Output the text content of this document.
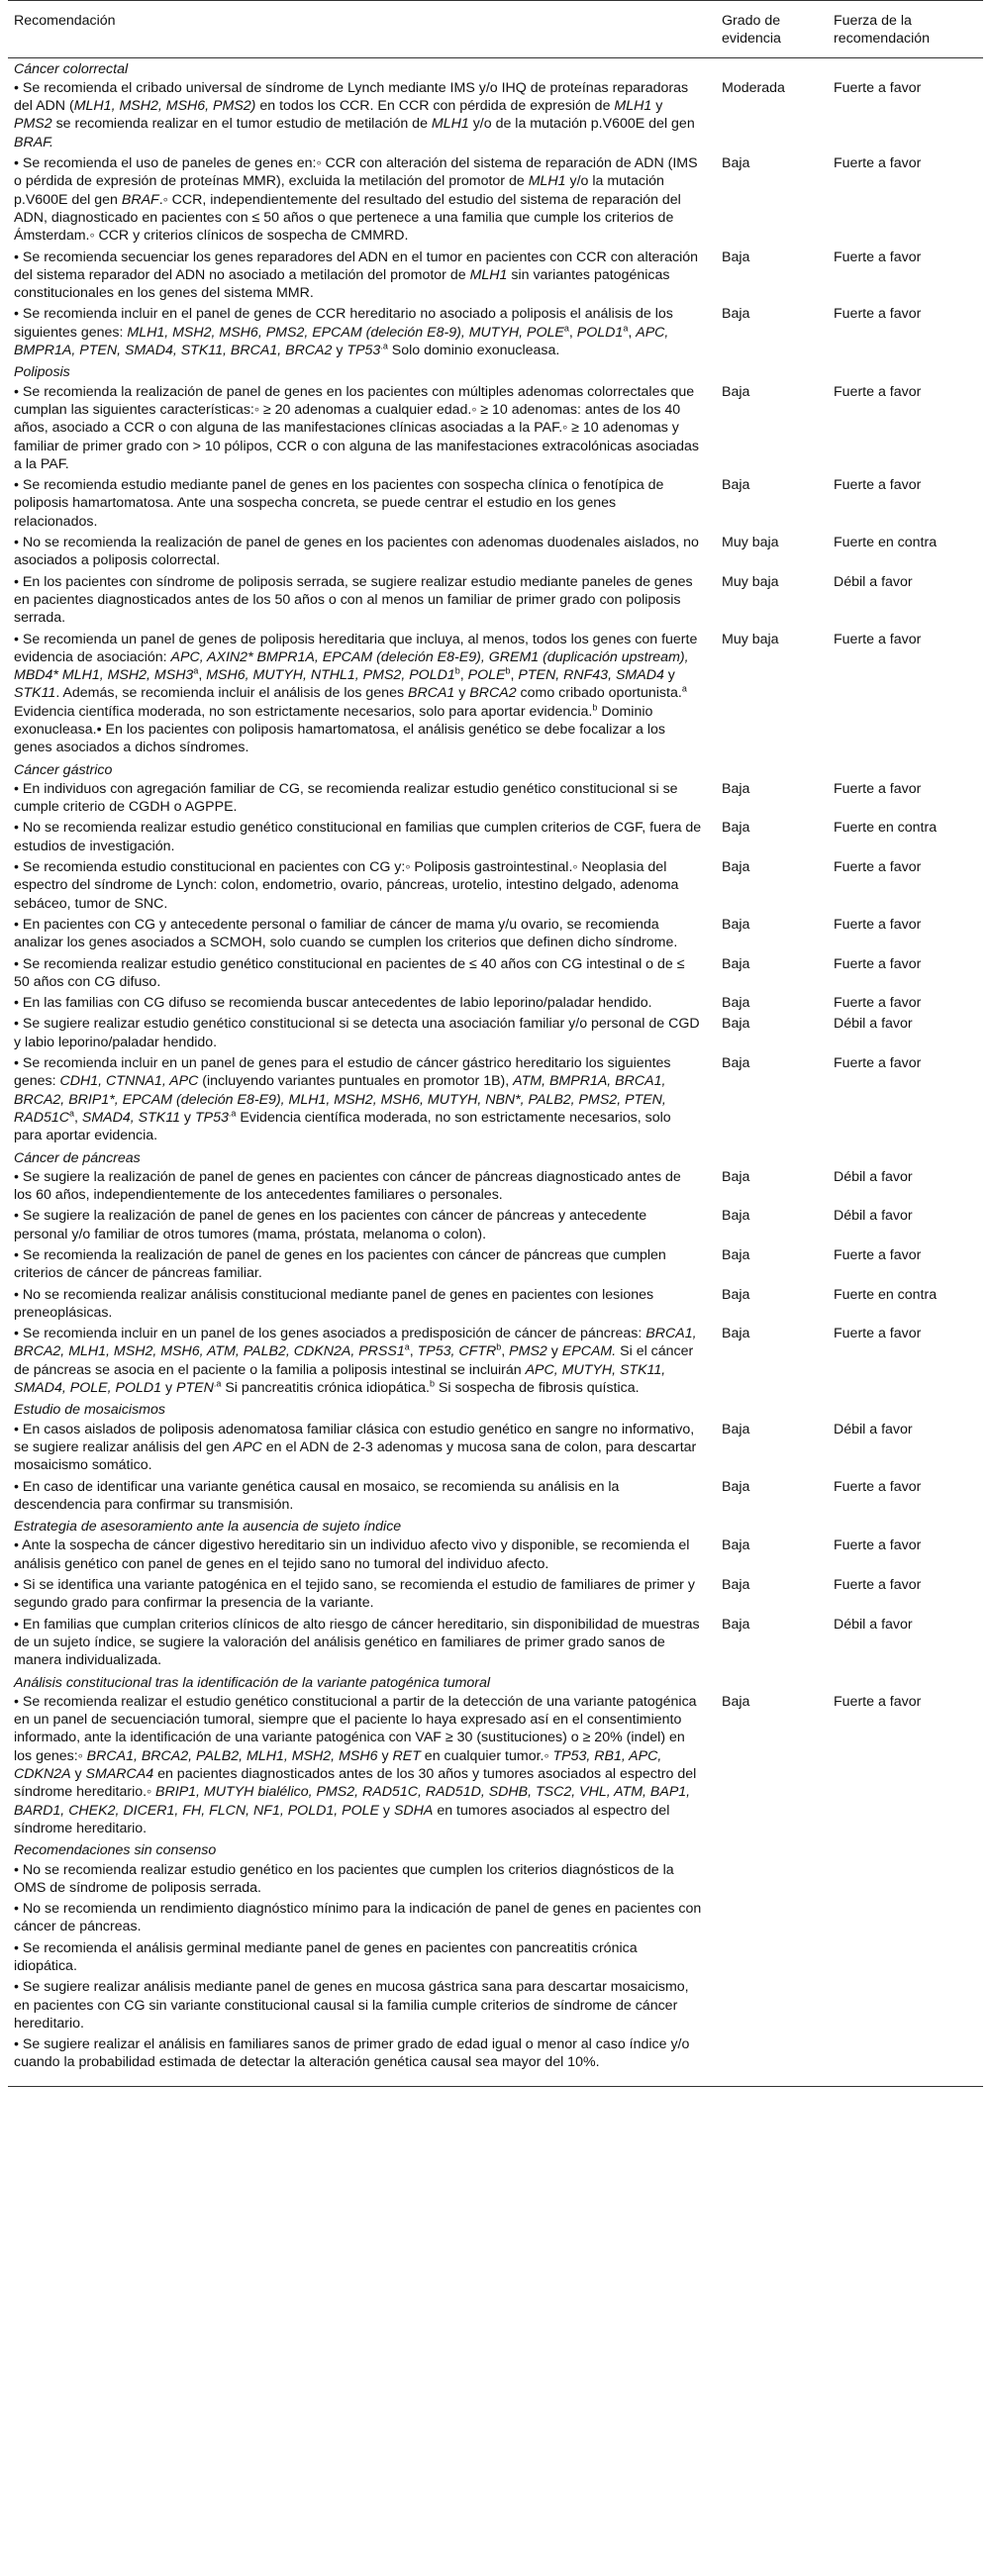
Recomendación	Grado de evidencia	Fuerza de la recomendación
Cáncer colorrectal		
• Se recomienda el cribado universal de síndrome de Lynch mediante IMS y/o IHQ de proteínas reparadoras del ADN (MLH1, MSH2, MSH6, PMS2) en todos los CCR. En CCR con pérdida de expresión de MLH1 y PMS2 se recomienda realizar en el tumor estudio de metilación de MLH1 y/o de la mutación p.V600E del gen BRAF.	Moderada	Fuerte a favor
• Se recomienda el uso de paneles de genes en:◦ CCR con alteración del sistema de reparación de ADN (IMS o pérdida de expresión de proteínas MMR), excluida la metilación del promotor de MLH1 y/o la mutación p.V600E del gen BRAF.◦ CCR, independientemente del resultado del estudio del sistema de reparación del ADN, diagnosticado en pacientes con ≤ 50 años o que pertenece a una familia que cumple los criterios de Ámsterdam.◦ CCR y criterios clínicos de sospecha de CMMRD.	Baja	Fuerte a favor
• Se recomienda secuenciar los genes reparadores del ADN en el tumor en pacientes con CCR con alteración del sistema reparador del ADN no asociado a metilación del promotor de MLH1 sin variantes patogénicas constitucionales en los genes del sistema MMR.	Baja	Fuerte a favor
• Se recomienda incluir en el panel de genes de CCR hereditario no asociado a poliposis el análisis de los siguientes genes: MLH1, MSH2, MSH6, PMS2, EPCAM (deleción E8-9), MUTYH, POLE$^a$, POLD1$^a$, APC, BMPR1A, PTEN, SMAD4, STK11, BRCA1, BRCA2 y $TP53^{.a}$ Solo dominio exonucleasa.	Baja	Fuerte a favor
Poliposis		
• Se recomienda la realización de panel de genes en los pacientes con múltiples adenomas colorrectales que cumplan las siguientes características:◦ ≥ 20 adenomas a cualquier edad.◦ ≥ 10 adenomas: antes de los 40 años, asociado a CCR o con alguna de las manifestaciones clínicas asociadas a la PAF.◦ ≥ 10 adenomas y familiar de primer grado con > 10 pólipos, CCR o con alguna de las manifestaciones extracolónicas asociadas a la PAF.	Baja	Fuerte a favor
• Se recomienda estudio mediante panel de genes en los pacientes con sospecha clínica o fenotípica de poliposis hamartomatosa. Ante una sospecha concreta, se puede centrar el estudio en los genes relacionados.	Baja	Fuerte a favor
• No se recomienda la realización de panel de genes en los pacientes con adenomas duodenales aislados, no asociados a poliposis colorrectal.	Muy baja	Fuerte en contra
• En los pacientes con síndrome de poliposis serrada, se sugiere realizar estudio mediante paneles de genes en pacientes diagnosticados antes de los 50 años o con al menos un familiar de primer grado con poliposis serrada.	Muy baja	Débil a favor
• Se recomienda un panel de genes de poliposis hereditaria que incluya, al menos, todos los genes con fuerte evidencia de asociación: APC, AXIN2* BMPR1A, EPCAM (deleción E8-E9), GREM1 (duplicación upstream), MBD4* MLH1, MSH2, MSH3$^a$, MSH6, MUTYH, NTHL1, PMS2, POLD1$^b$, POLE$^b$, PTEN, RNF43, SMAD4 y STK11. Además, se recomienda incluir el análisis de los genes BRCA1 y BRCA2 como cribado oportunista.$^a$ Evidencia científica moderada, no son estrictamente necesarios, solo para aportar evidencia.$^b$ Dominio exonucleasa.• En los pacientes con poliposis hamartomatosa, el análisis genético se debe focalizar a los genes asociados a dichos síndromes.	Muy baja	Fuerte a favor
Cáncer gástrico		
• En individuos con agregación familiar de CG, se recomienda realizar estudio genético constitucional si se cumple criterio de CGDH o AGPPE.	Baja	Fuerte a favor
• No se recomienda realizar estudio genético constitucional en familias que cumplen criterios de CGF, fuera de estudios de investigación.	Baja	Fuerte en contra
• Se recomienda estudio constitucional en pacientes con CG y:◦ Poliposis gastrointestinal.◦ Neoplasia del espectro del síndrome de Lynch: colon, endometrio, ovario, páncreas, urotelio, intestino delgado, adenoma sebáceo, tumor de SNC.	Baja	Fuerte a favor
• En pacientes con CG y antecedente personal o familiar de cáncer de mama y/u ovario, se recomienda analizar los genes asociados a SCMOH, solo cuando se cumplen los criterios que definen dicho síndrome.	Baja	Fuerte a favor
• Se recomienda realizar estudio genético constitucional en pacientes de ≤ 40 años con CG intestinal o de ≤ 50 años con CG difuso.	Baja	Fuerte a favor
• En las familias con CG difuso se recomienda buscar antecedentes de labio leporino/paladar hendido.	Baja	Fuerte a favor
• Se sugiere realizar estudio genético constitucional si se detecta una asociación familiar y/o personal de CGD y labio leporino/paladar hendido.	Baja	Débil a favor
• Se recomienda incluir en un panel de genes para el estudio de cáncer gástrico hereditario los siguientes genes: CDH1, CTNNA1, APC (incluyendo variantes puntuales en promotor 1B), ATM, BMPR1A, BRCA1, BRCA2, BRIP1*, EPCAM (deleción E8-E9), MLH1, MSH2, MSH6, MUTYH, NBN*, PALB2, PMS2, PTEN, $RAD51C^a$, SMAD4, STK11 y $TP53^{.a}$ Evidencia científica moderada, no son estrictamente necesarios, solo para aportar evidencia.	Baja	Fuerte a favor
Cáncer de páncreas		
• Se sugiere la realización de panel de genes en pacientes con cáncer de páncreas diagnosticado antes de los 60 años, independientemente de los antecedentes familiares o personales.	Baja	Débil a favor
• Se sugiere la realización de panel de genes en los pacientes con cáncer de páncreas y antecedente personal y/o familiar de otros tumores (mama, próstata, melanoma o colon).	Baja	Débil a favor
• Se recomienda la realización de panel de genes en los pacientes con cáncer de páncreas que cumplen criterios de cáncer de páncreas familiar.	Baja	Fuerte a favor
• No se recomienda realizar análisis constitucional mediante panel de genes en pacientes con lesiones preneoplásicas.	Baja	Fuerte en contra
• Se recomienda incluir en un panel de los genes asociados a predisposición de cáncer de páncreas: BRCA1, BRCA2, MLH1, MSH2, MSH6, ATM, PALB2, CDKN2A, PRSS1$^a$, TP53, CFTR$^b$, PMS2 y EPCAM. Si el cáncer de páncreas se asocia en el paciente o la familia a poliposis intestinal se incluirán APC, MUTYH, STK11, SMAD4, POLE, POLD1 y $PTEN^{.a}$ Si pancreatitis crónica idiopática.$^b$ Si sospecha de fibrosis quística.	Baja	Fuerte a favor
Estudio de mosaicismos		
• En casos aislados de poliposis adenomatosa familiar clásica con estudio genético en sangre no informativo, se sugiere realizar análisis del gen APC en el ADN de 2-3 adenomas y mucosa sana de colon, para descartar mosaicismo somático.	Baja	Débil a favor
• En caso de identificar una variante genética causal en mosaico, se recomienda su análisis en la descendencia para confirmar su transmisión.	Baja	Fuerte a favor
Estrategia de asesoramiento ante la ausencia de sujeto índice		
• Ante la sospecha de cáncer digestivo hereditario sin un individuo afecto vivo y disponible, se recomienda el análisis genético con panel de genes en el tejido sano no tumoral del individuo afecto.	Baja	Fuerte a favor
• Si se identifica una variante patogénica en el tejido sano, se recomienda el estudio de familiares de primer y segundo grado para confirmar la presencia de la variante.	Baja	Fuerte a favor
• En familias que cumplan criterios clínicos de alto riesgo de cáncer hereditario, sin disponibilidad de muestras de un sujeto índice, se sugiere la valoración del análisis genético en familiares de primer grado sanos de manera individualizada.	Baja	Débil a favor
Análisis constitucional tras la identificación de la variante patogénica tumoral		
• Se recomienda realizar el estudio genético constitucional a partir de la detección de una variante patogénica en un panel de secuenciación tumoral, siempre que el paciente lo haya expresado así en el consentimiento informado, ante la identificación de una variante patogénica con VAF ≥ 30 (sustituciones) o ≥ 20% (indel) en los genes:◦ BRCA1, BRCA2, PALB2, MLH1, MSH2, MSH6 y RET en cualquier tumor.◦ TP53, RB1, APC, CDKN2A y SMARCA4 en pacientes diagnosticados antes de los 30 años y tumores asociados al espectro del síndrome hereditario.◦ BRIP1, MUTYH bialélico, PMS2, RAD51C, RAD51D, SDHB, TSC2, VHL, ATM, BAP1, BARD1, CHEK2, DICER1, FH, FLCN, NF1, POLD1, POLE y SDHA en tumores asociados al espectro del síndrome hereditario.	Baja	Fuerte a favor
Recomendaciones sin consenso		
• No se recomienda realizar estudio genético en los pacientes que cumplen los criterios diagnósticos de la OMS de síndrome de poliposis serrada.		
• No se recomienda un rendimiento diagnóstico mínimo para la indicación de panel de genes en pacientes con cáncer de páncreas.		
• Se recomienda el análisis germinal mediante panel de genes en pacientes con pancreatitis crónica idiopática.		
• Se sugiere realizar análisis mediante panel de genes en mucosa gástrica sana para descartar mosaicismo, en pacientes con CG sin variante constitucional causal si la familia cumple criterios de síndrome de cáncer hereditario.		
• Se sugiere realizar el análisis en familiares sanos de primer grado de edad igual o menor al caso índice y/o cuando la probabilidad estimada de detectar la alteración genética causal sea mayor del 10%.		
